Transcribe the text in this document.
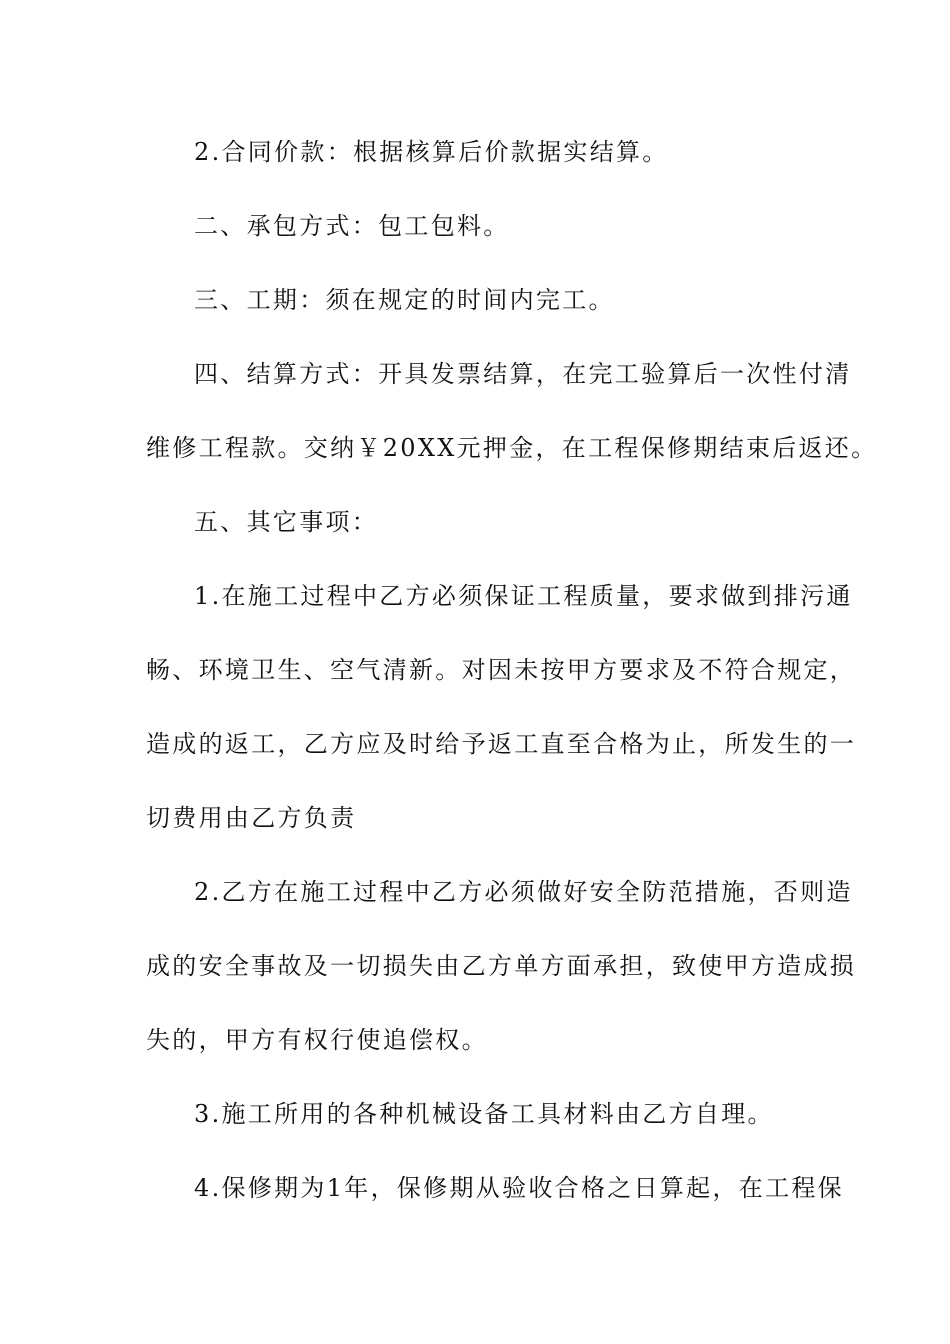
2.合同价款：根据核算后价款据实结算。
二、承包方式：包工包料。
三、工期：须在规定的时间内完工。
四、结算方式：开具发票结算，在完工验算后一次性付清
维修工程款。交纳￥20XX元押金，在工程保修期结束后返还。
五、其它事项：
1.在施工过程中乙方必须保证工程质量，要求做到排污通
畅、环境卫生、空气清新。对因未按甲方要求及不符合规定，
造成的返工，乙方应及时给予返工直至合格为止，所发生的一
切费用由乙方负责
2.乙方在施工过程中乙方必须做好安全防范措施，否则造
成的安全事故及一切损失由乙方单方面承担，致使甲方造成损
失的，甲方有权行使追偿权。
3.施工所用的各种机械设备工具材料由乙方自理。
4.保修期为1年，保修期从验收合格之日算起，在工程保
